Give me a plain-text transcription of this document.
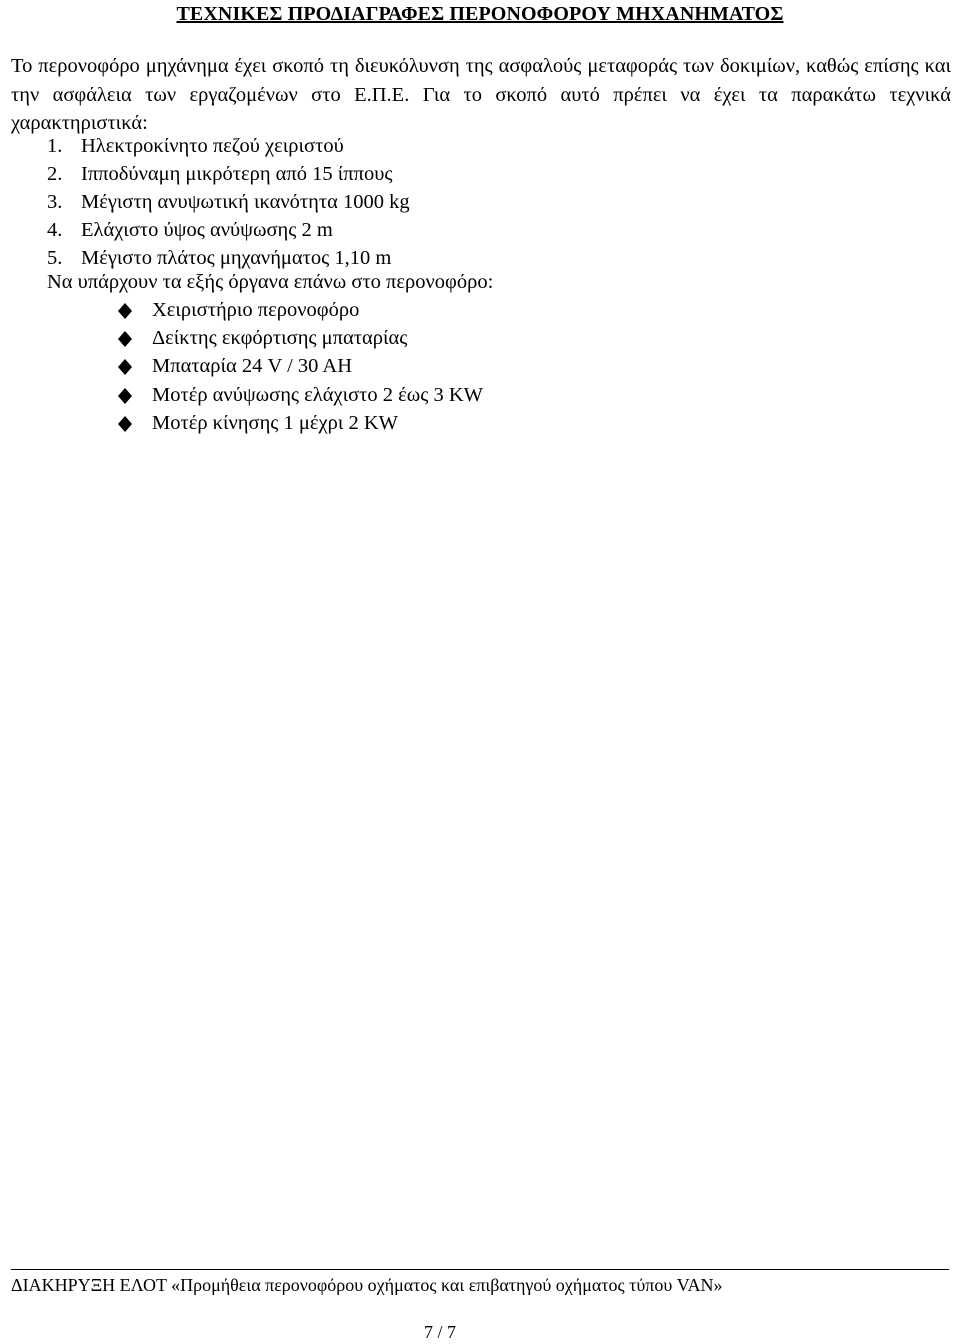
ΤΕΧΝΙΚΕΣ ΠΡΟΔΙΑΓΡΑΦΕΣ ΠΕΡΟΝΟΦΟΡΟΥ ΜΗΧΑΝΗΜΑΤΟΣ
Το περονοφόρο μηχάνημα έχει σκοπό τη διευκόλυνση της ασφαλούς μεταφοράς των δοκιμίων, καθώς επίσης και την ασφάλεια των εργαζομένων στο Ε.Π.Ε. Για το σκοπό αυτό πρέπει να έχει τα παρακάτω τεχνικά χαρακτηριστικά:
1. Ηλεκτροκίνητο πεζού χειριστού
2. Ιπποδύναμη μικρότερη από 15 ίππους
3. Μέγιστη ανυψωτική ικανότητα 1000 kg
4. Ελάχιστο ύψος ανύψωσης 2 m
5. Μέγιστο πλάτος μηχανήματος 1,10 m
Να υπάρχουν τα εξής όργανα επάνω στο περονοφόρο:
Χειριστήριο περονοφόρο
Δείκτης εκφόρτισης μπαταρίας
Μπαταρία 24 V / 30 AH
Μοτέρ ανύψωσης ελάχιστο 2 έως 3 KW
Μοτέρ κίνησης 1 μέχρι 2 KW
ΔΙΑΚΗΡΥΞΗ ΕΛΟΤ «Προμήθεια περονοφόρου οχήματος και επιβατηγού οχήματος τύπου VAN»
7 / 7
